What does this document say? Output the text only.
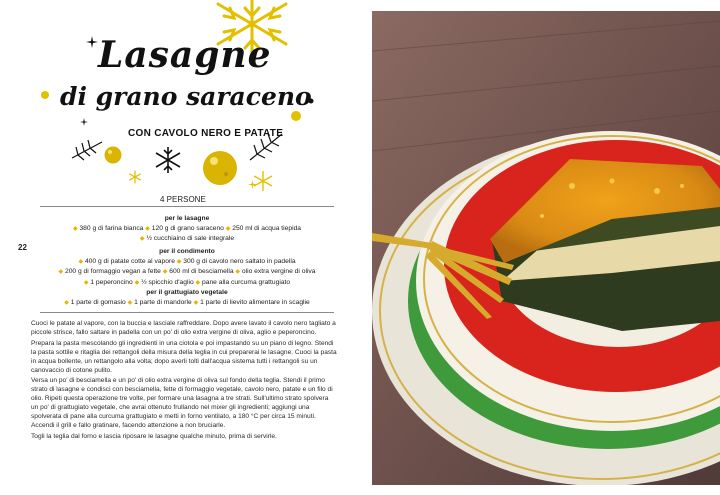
Lasagne
di grano saraceno
CON CAVOLO NERO E PATATE
4 PERSONE
22
per le lasagne
◆ 380 g di farina bianca ◆ 120 g di grano saraceno ◆ 250 ml di acqua tiepida
◆ ½ cucchiaino di sale integrale
per il condimento
◆ 400 g di patate cotte al vapore ◆ 300 g di cavolo nero saltato in padella
◆ 200 g di formaggio vegan a fette ◆ 600 ml di besciamella ◆ olio extra vergine di oliva
◆ 1 peperoncino ◆ ½ spicchio d'aglio ◆ pane alla curcuma grattugiato
per il grattugiato vegetale
◆ 1 parte di gomasio ◆ 1 parte di mandorle ◆ 1 parte di lievito alimentare in scaglie

Cuoci le patate al vapore, con la buccia e lasciale raffreddare. Dopo avere lavato il cavolo nero tagliato a piccole strisce, fallo saltare in padella con un po' di olio extra vergine di oliva, aglio e peperoncino.

Prepara la pasta mescolando gli ingredienti in una ciotola e poi impastando su un piano di legno. Stendi la pasta sottile e ritaglia dei rettangoli della misura della teglia in cui preparerai le lasagne. Cuoci la pasta in acqua bollente, un rettangolo alla volta; dopo averli tolti dall'acqua sistema tutti i rettangoli su un canovaccio di cotone pulito.

Versa un po' di besciamella e un po' di olio extra vergine di oliva sul fondo della teglia. Stendi il primo strato di lasagne e condisci con besciamella, fette di formaggio vegetale, cavolo nero, patate e un filo di olio. Ripeti questa operazione tre volte, per formare una lasagna a tre strati. Sull'ultimo strato spolvera un po' di grattugiato vegetale, che avrai ottenuto frullando nel mixer gli ingredienti; aggiungi una spolverata di pane alla curcuma grattugiato e metti in forno ventilato, a 180 °C per circa 15 minuti. Accendi il grill e fallo gratinare, facendo attenzione a non bruciarle.

Togli la teglia dal forno e lascia riposare le lasagne qualche minuto, prima di servirle.
